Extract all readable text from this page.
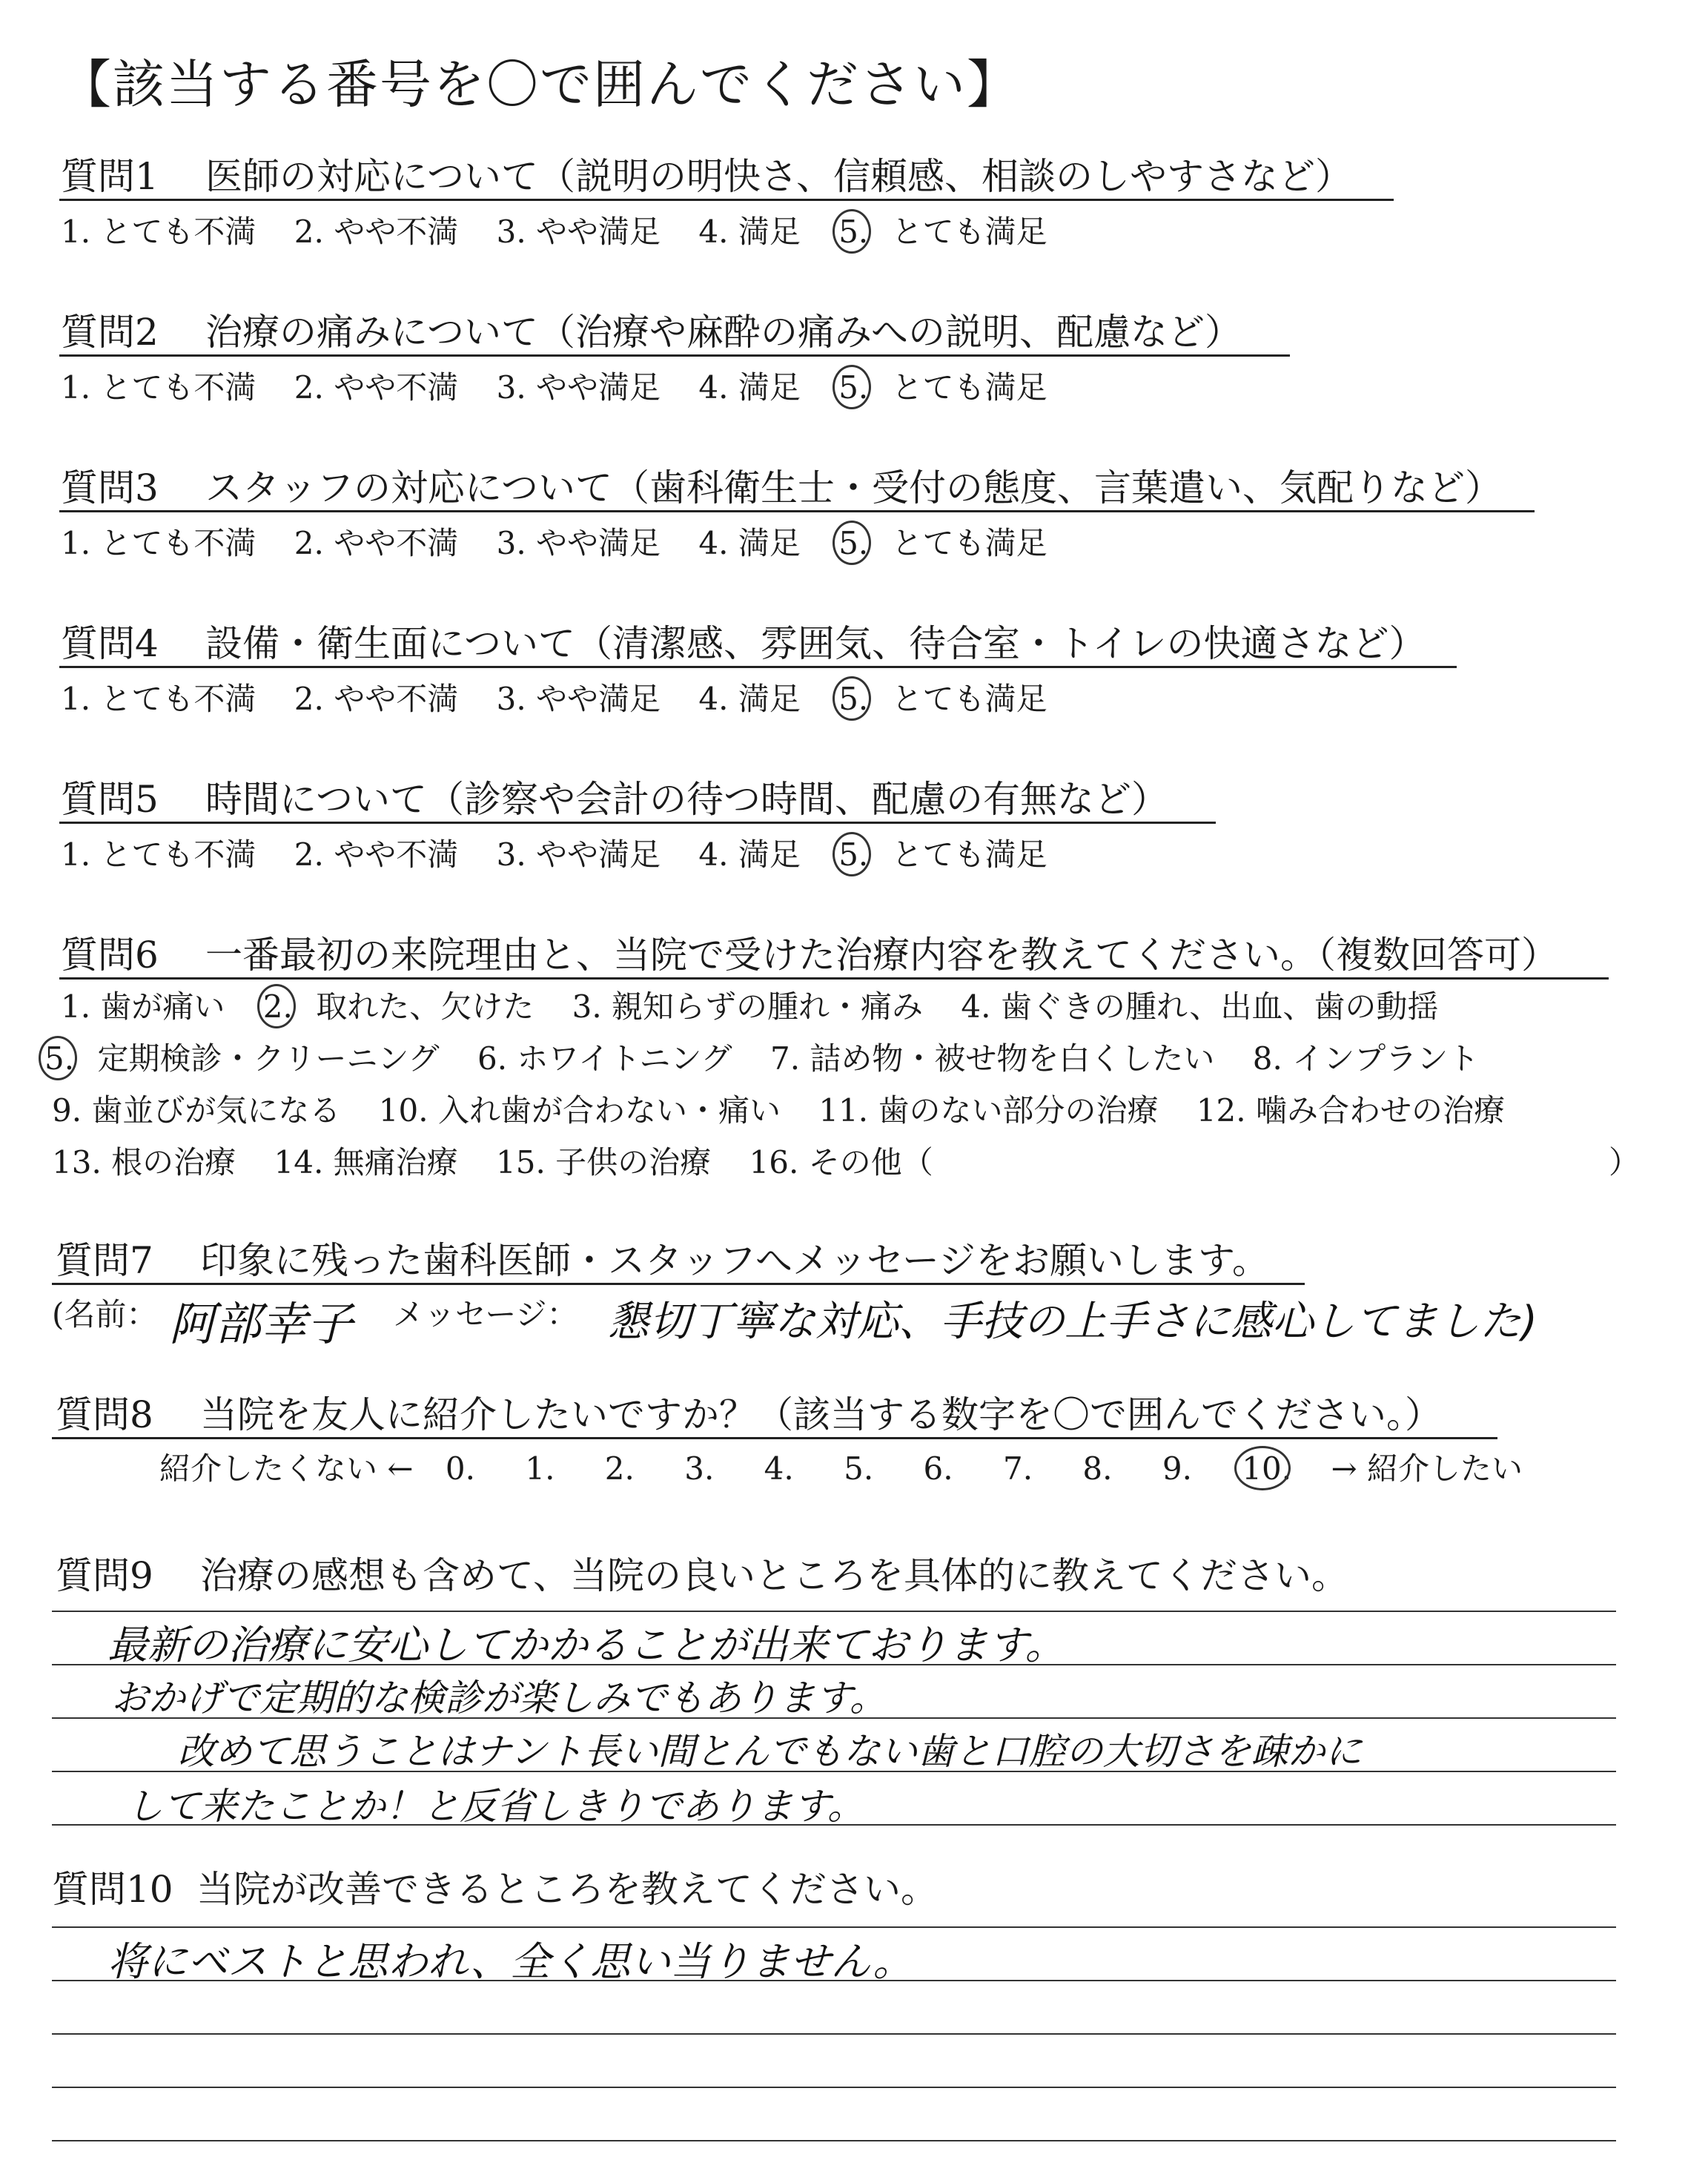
【該当する番号を〇で囲んでください】
質問1 医師の対応について（説明の明快さ、信頼感、相談のしやすさなど）
1. とても不満 2. やや不満 3. やや満足 4. 満足 5. とても満足
質問2 治療の痛みについて（治療や麻酔の痛みへの説明、配慮など）
1. とても不満 2. やや不満 3. やや満足 4. 満足 5. とても満足
質問3 スタッフの対応について（歯科衛生士・受付の態度、言葉遣い、気配りなど）
1. とても不満 2. やや不満 3. やや満足 4. 満足 5. とても満足
質問4 設備・衛生面について（清潔感、雰囲気、待合室・トイレの快適さなど）
1. とても不満 2. やや不満 3. やや満足 4. 満足 5. とても満足
質問5 時間について（診察や会計の待つ時間、配慮の有無など）
1. とても不満 2. やや不満 3. やや満足 4. 満足 5. とても満足
質問6 一番最初の来院理由と、当院で受けた治療内容を教えてください。（複数回答可）
1. 歯が痛い 2. 取れた、欠けた 3. 親知らずの腫れ・痛み 4. 歯ぐきの腫れ、出血、歯の動揺
5. 定期検診・クリーニング 6. ホワイトニング 7. 詰め物・被せ物を白くしたい 8. インプラント
9. 歯並びが気になる 10. 入れ歯が合わない・痛い 11. 歯のない部分の治療 12. 噛み合わせの治療
13. 根の治療 14. 無痛治療 15. 子供の治療 16. その他（	）
質問7 印象に残った歯科医師・スタッフへメッセージをお願いします。
(名前： 阿部幸子 メッセージ： 懇切丁寧な対応、手技の上手さに感心してました)
質問8 当院を友人に紹介したいですか？（該当する数字を〇で囲んでください。）
紹介したくない ← 0. 1. 2. 3. 4. 5. 6. 7. 8. 9. 10. → 紹介したい
質問9 治療の感想も含めて、当院の良いところを具体的に教えてください。
最新の治療に安心してかかることが出来ております。
おかげで定期的な検診が楽しみでもあります。
改めて思うことはナント長い間とんでもない歯と口腔の大切さを疎かに
して来たことか！と反省しきりであります。
質問10 当院が改善できるところを教えてください。
将にベストと思われ、全く思い当りません。
